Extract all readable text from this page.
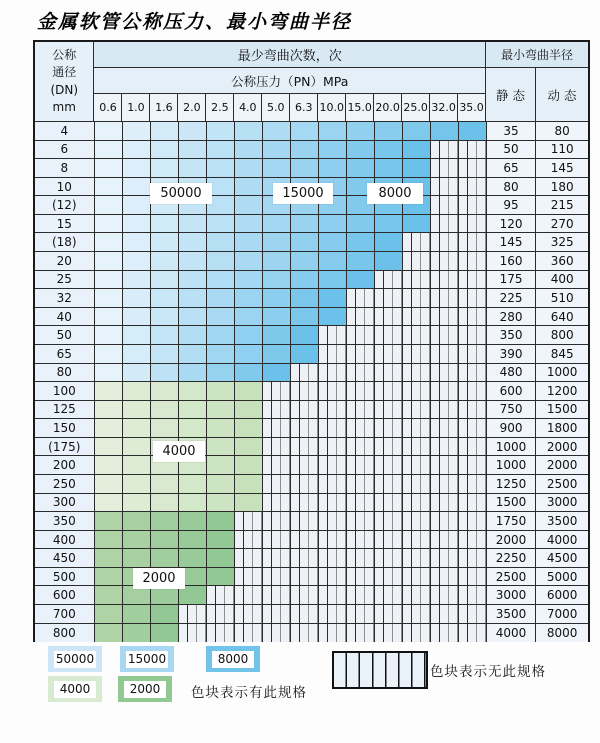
金属软管公称压力、最小弯曲半径
公称
通径
(DN)
mm
最少弯曲次数，次
公称压力（PN）MPa
0.6 1.0 1.6 2.0 2.5 4.0 5.0 6.3 10.0 15.0 20.0 25.0 32.0 35.0
最小弯曲半径
静 态	动 态
4	35	80
6	50	110
8	65	145
10	80	180
(12)	95	215
15	120	270
(18)	145	325
20	160	360
25	175	400
32	225	510
40	280	640
50	350	800
65	390	845
80	480	1000
100	600	1200
125	750	1500
150	900	1800
(175)	1000	2000
200	1000	2000
250	1250	2500
300	1500	3000
350	1750	3500
400	2000	4000
450	2250	4500
500	2500	5000
600	3000	6000
700	3500	7000
800	4000	8000
50000	15000	8000
4000
2000
50000	15000	8000
4000	2000	色块表示有此规格
色块表示无此规格
